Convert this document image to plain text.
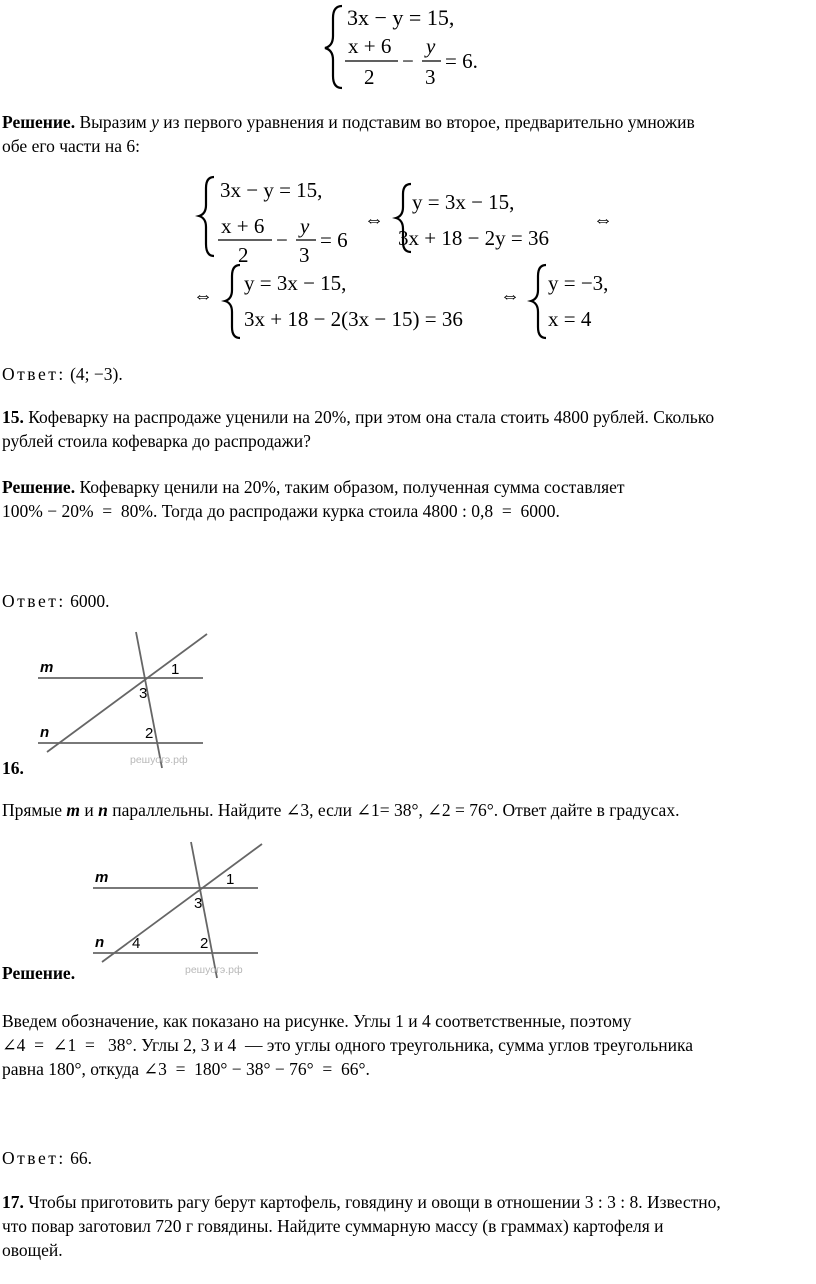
3x − y = 15,
x + 6
2
−
y
3
= 6.
3x − y = 15,
x + 6
2
−
y
3
= 6
⇔
y = 3x − 15,
3x + 18 − 2y = 36
⇔
⇔
y = 3x − 15,
3x + 18 − 2(3x − 15) = 36
⇔
y = −3,
x = 4
m
n
1
3
2
решуогэ.рф
m
n
1
3
4	2
решуогэ.рф
Решение. Выразим y из первого уравнения и подставим во второе, предварительно умножив
обе его части на 6:
Ответ: (4; −3).
15. Кофеварку на распродаже уценили на 20%, при этом она стала стоить 4800 рублей. Сколько
рублей стоила кофеварка до распродажи?
Решение. Кофеварку ценили на 20%, таким образом, полученная сумма составляет
100% − 20%  =  80%. Тогда до распродажи курка стоила 4800 : 0,8  =  6000.
Ответ: 6000.
16.
Прямые m и n параллельны. Найдите ∠3, если ∠1= 38°, ∠2 = 76°. Ответ дайте в градусах.
Решение.
Введем обозначение, как показано на рисунке. Углы 1 и 4 соответственные, поэтому
∠4  =  ∠1  =   38°. Углы 2, 3 и 4  — это углы одного треугольника, сумма углов треугольника
равна 180°, откуда ∠3  =  180° − 38° − 76°  =  66°.
Ответ: 66.
17. Чтобы приготовить рагу берут картофель, говядину и овощи в отношении 3 : 3 : 8. Известно,
что повар заготовил 720 г говядины. Найдите суммарную массу (в граммах) картофеля и
овощей.
